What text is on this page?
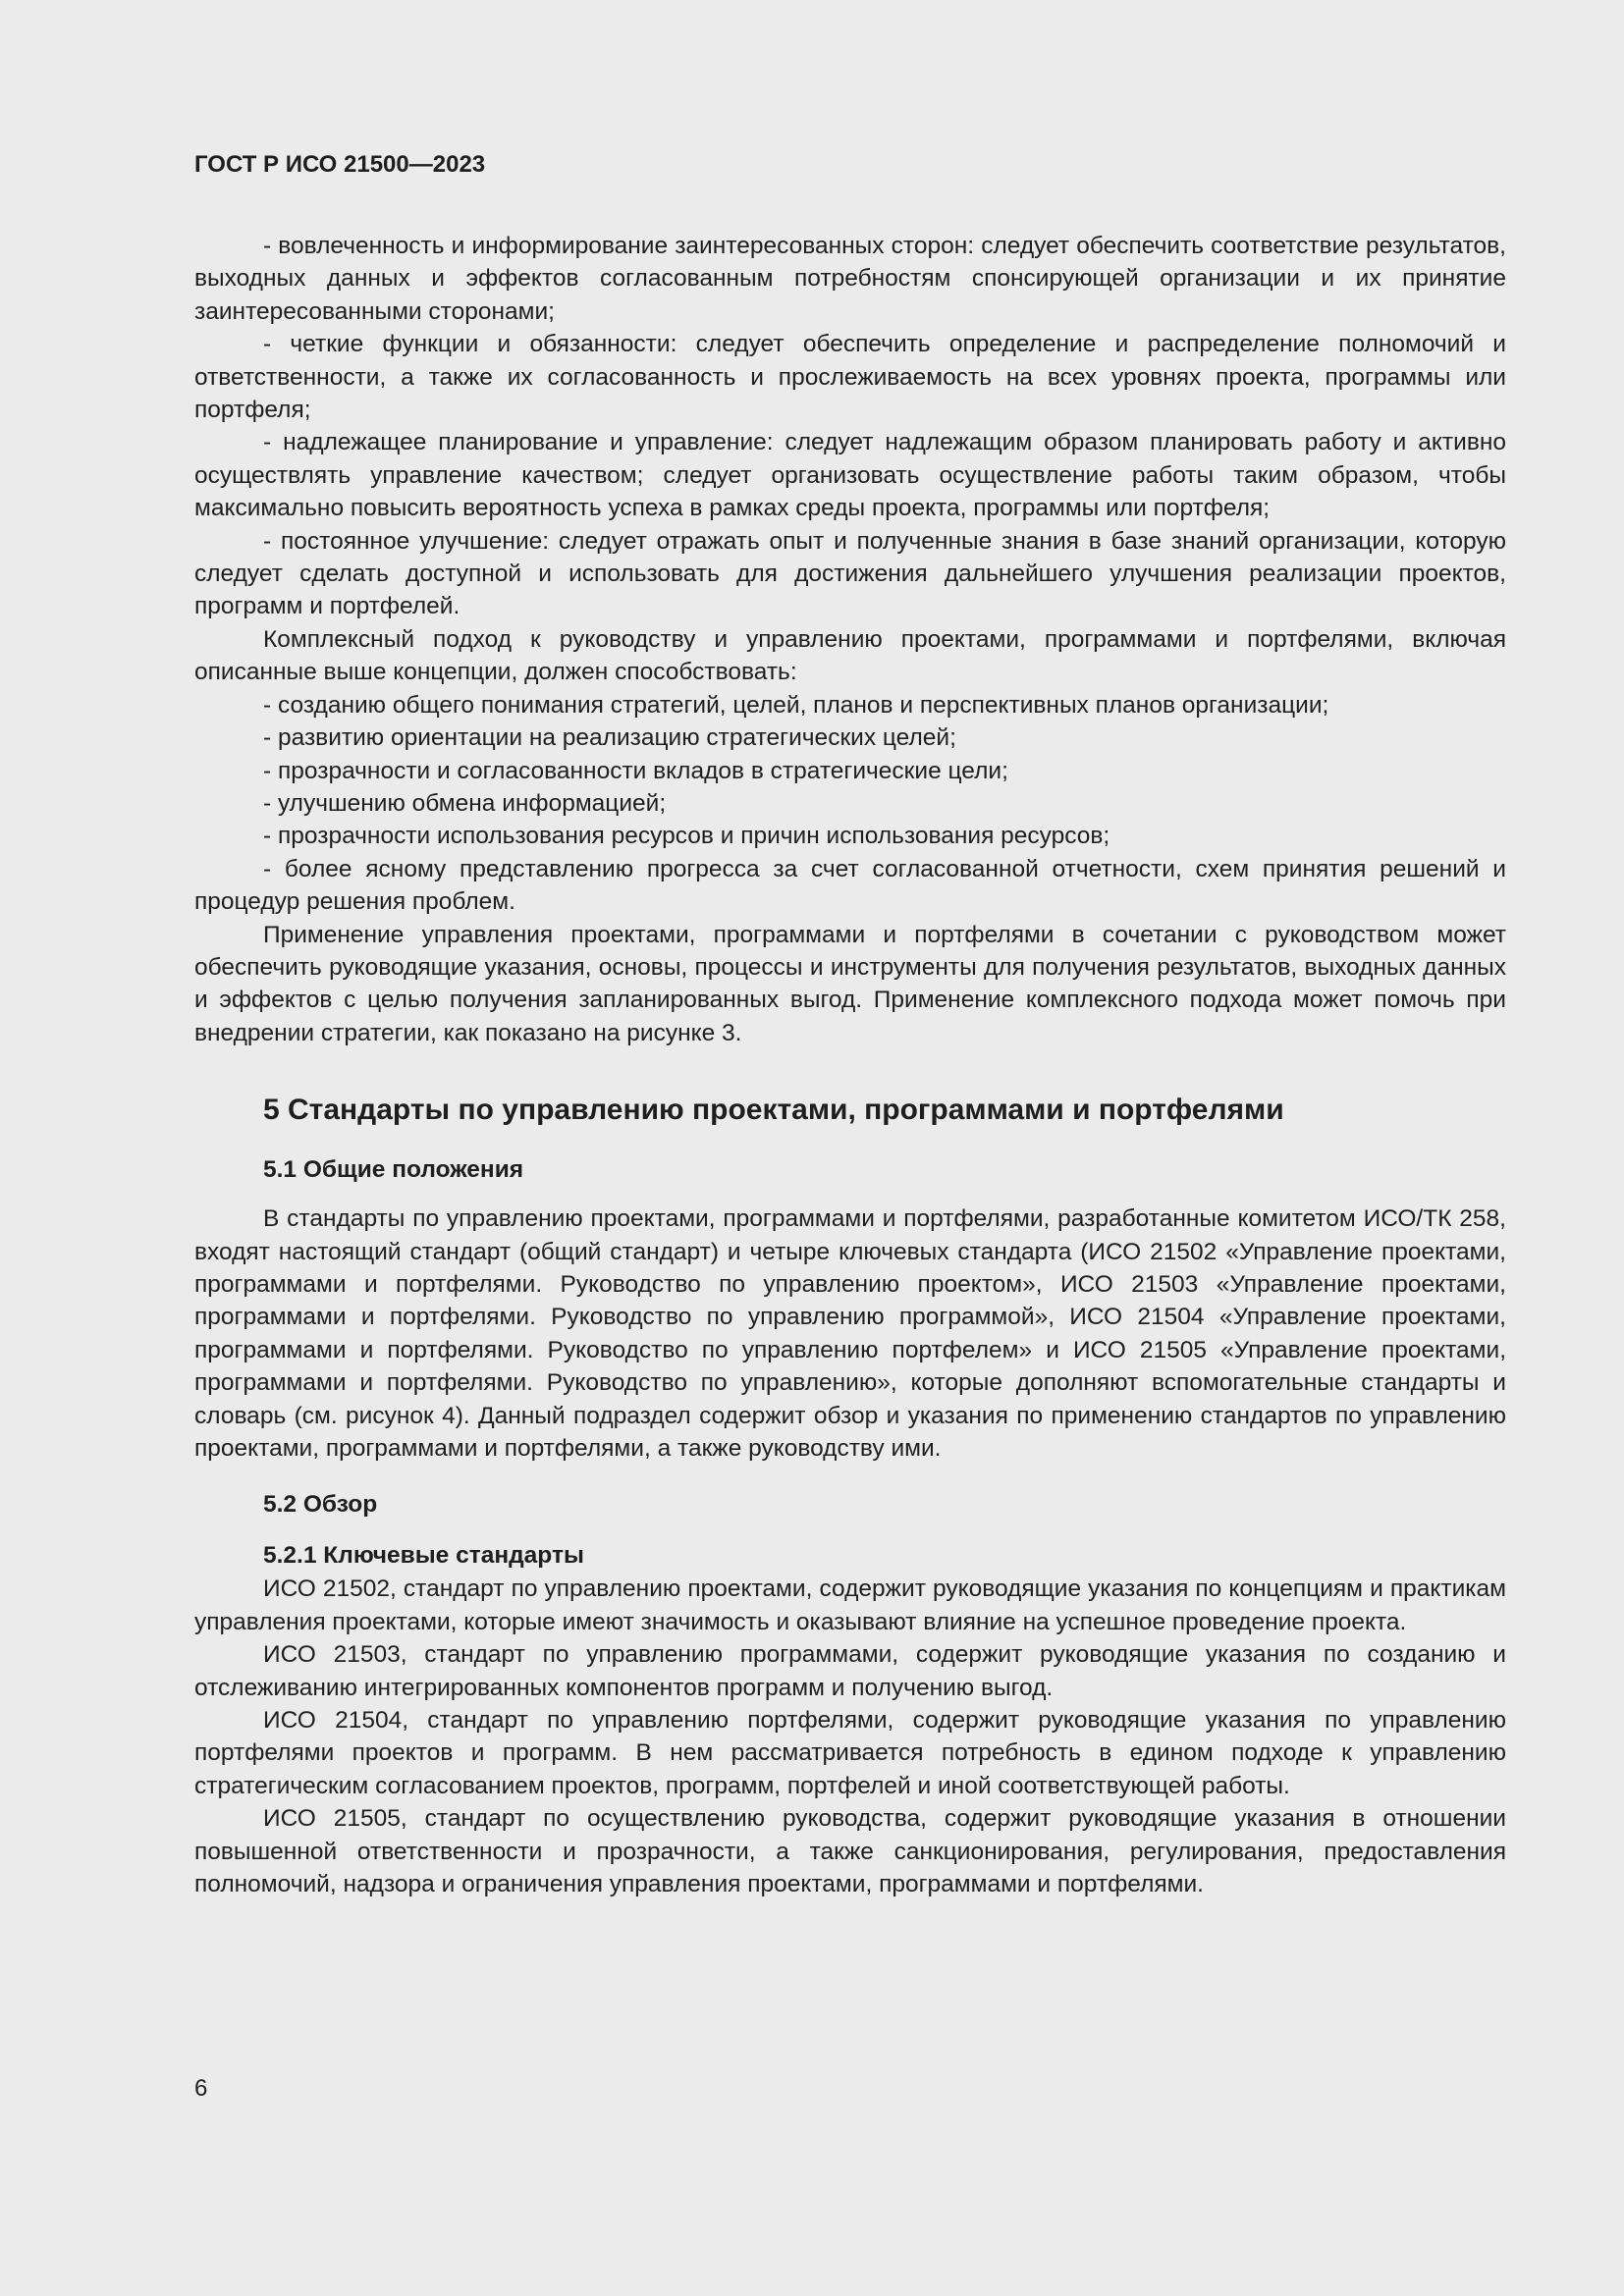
ГОСТ Р ИСО 21500—2023

- вовлеченность и информирование заинтересованных сторон: следует обеспечить соответствие результатов, выходных данных и эффектов согласованным потребностям спонсирующей организации и их принятие заинтересованными сторонами;

- четкие функции и обязанности: следует обеспечить определение и распределение полномочий и ответственности, а также их согласованность и прослеживаемость на всех уровнях проекта, программы или портфеля;

- надлежащее планирование и управление: следует надлежащим образом планировать работу и активно осуществлять управление качеством; следует организовать осуществление работы таким образом, чтобы максимально повысить вероятность успеха в рамках среды проекта, программы или портфеля;

- постоянное улучшение: следует отражать опыт и полученные знания в базе знаний организации, которую следует сделать доступной и использовать для достижения дальнейшего улучшения реализации проектов, программ и портфелей.

Комплексный подход к руководству и управлению проектами, программами и портфелями, включая описанные выше концепции, должен способствовать:

- созданию общего понимания стратегий, целей, планов и перспективных планов организации;

- развитию ориентации на реализацию стратегических целей;

- прозрачности и согласованности вкладов в стратегические цели;

- улучшению обмена информацией;

- прозрачности использования ресурсов и причин использования ресурсов;

- более ясному представлению прогресса за счет согласованной отчетности, схем принятия решений и процедур решения проблем.

Применение управления проектами, программами и портфелями в сочетании с руководством может обеспечить руководящие указания, основы, процессы и инструменты для получения результатов, выходных данных и эффектов с целью получения запланированных выгод. Применение комплексного подхода может помочь при внедрении стратегии, как показано на рисунке 3.

5 Стандарты по управлению проектами, программами и портфелями
5.1 Общие положения

В стандарты по управлению проектами, программами и портфелями, разработанные комитетом ИСО/ТК 258, входят настоящий стандарт (общий стандарт) и четыре ключевых стандарта (ИСО 21502 «Управление проектами, программами и портфелями. Руководство по управлению проектом», ИСО 21503 «Управление проектами, программами и портфелями. Руководство по управлению программой», ИСО 21504 «Управление проектами, программами и портфелями. Руководство по управлению портфелем» и ИСО 21505 «Управление проектами, программами и портфелями. Руководство по управлению», которые дополняют вспомогательные стандарты и словарь (см. рисунок 4). Данный подраздел содержит обзор и указания по применению стандартов по управлению проектами, программами и портфелями, а также руководству ими.

5.2 Обзор
5.2.1 Ключевые стандарты

ИСО 21502, стандарт по управлению проектами, содержит руководящие указания по концепциям и практикам управления проектами, которые имеют значимость и оказывают влияние на успешное проведение проекта.

ИСО 21503, стандарт по управлению программами, содержит руководящие указания по созданию и отслеживанию интегрированных компонентов программ и получению выгод.

ИСО 21504, стандарт по управлению портфелями, содержит руководящие указания по управлению портфелями проектов и программ. В нем рассматривается потребность в едином подходе к управлению стратегическим согласованием проектов, программ, портфелей и иной соответствующей работы.

ИСО 21505, стандарт по осуществлению руководства, содержит руководящие указания в отношении повышенной ответственности и прозрачности, а также санкционирования, регулирования, предоставления полномочий, надзора и ограничения управления проектами, программами и портфелями.

6
